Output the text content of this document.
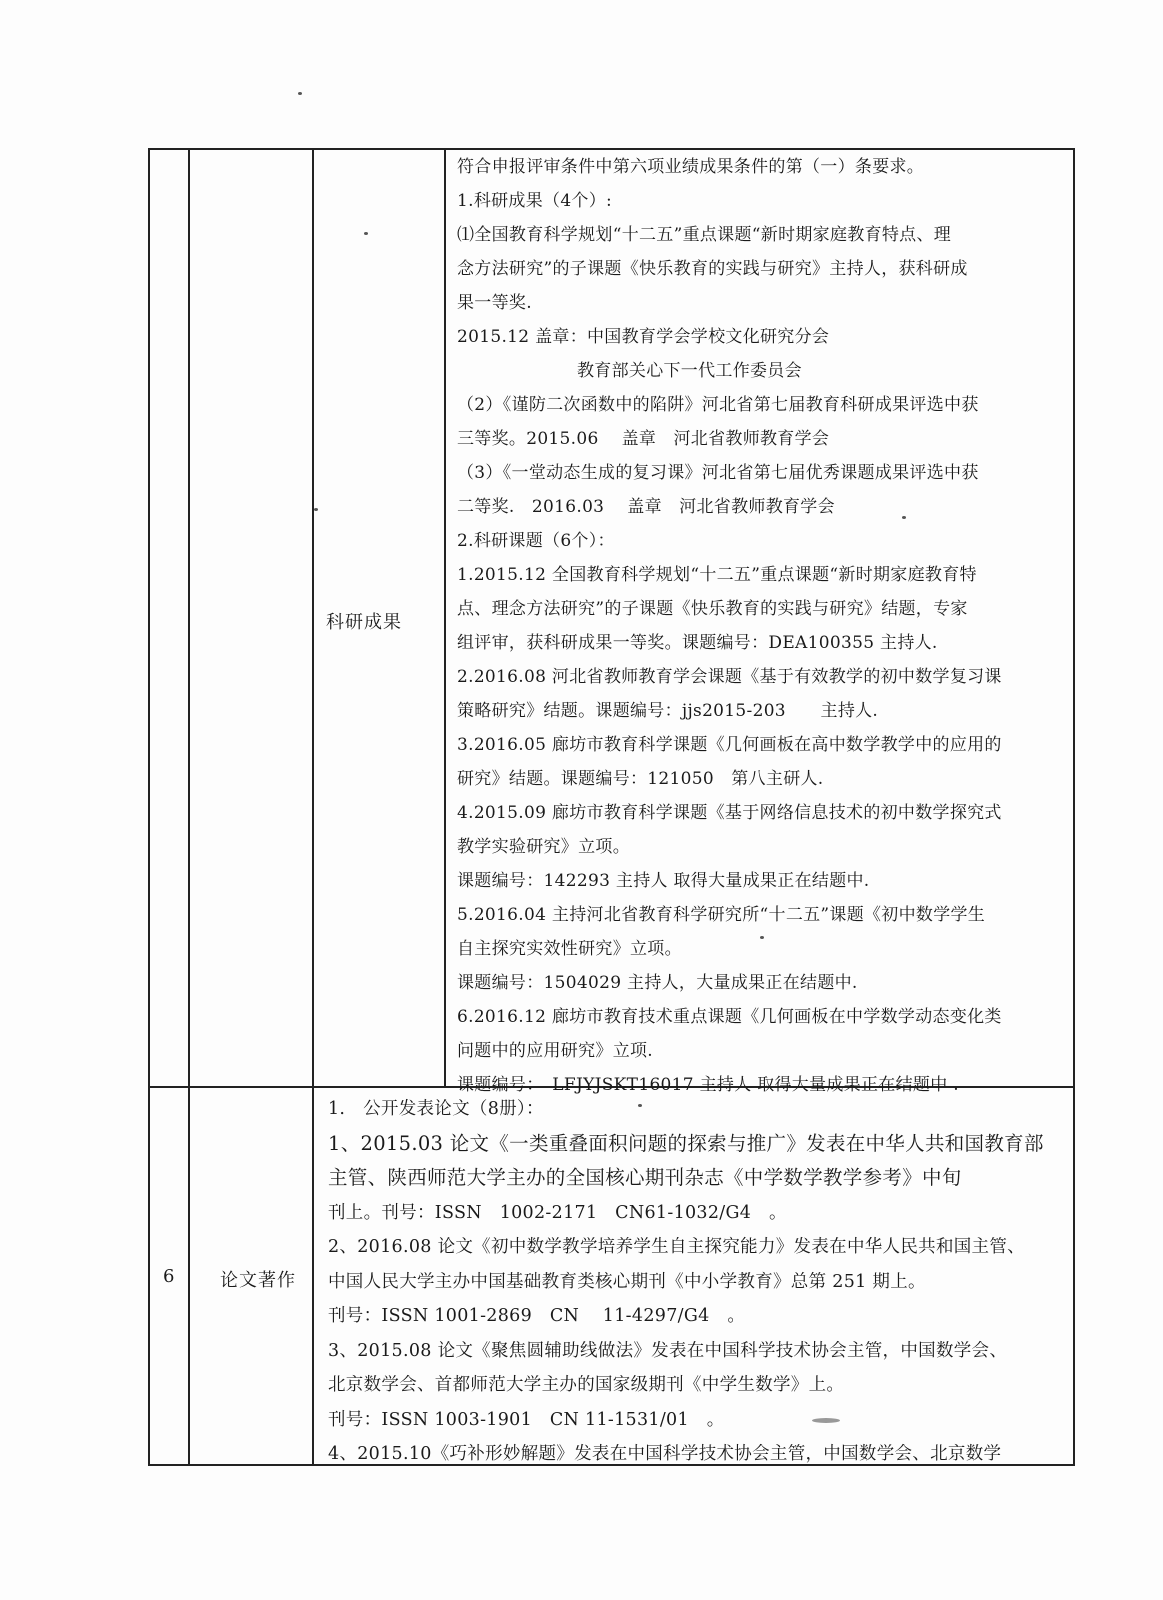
科研成果
符合申报评审条件中第六项业绩成果条件的第（一）条要求。
1.科研成果（4个）:
⑴全国教育科学规划“十二五”重点课题“新时期家庭教育特点、理
念方法研究”的子课题《快乐教育的实践与研究》主持人，获科研成
果一等奖.
2015.12 盖章：中国教育学会学校文化研究分会
教育部关心下一代工作委员会
（2）《谨防二次函数中的陷阱》河北省第七届教育科研成果评选中获
三等奖。2015.06　 盖章　河北省教师教育学会
（3）《一堂动态生成的复习课》河北省第七届优秀课题成果评选中获
二等奖.　2016.03　 盖章　河北省教师教育学会
2.科研课题（6个）：
1.2015.12 全国教育科学规划“十二五”重点课题“新时期家庭教育特
点、理念方法研究”的子课题《快乐教育的实践与研究》结题，专家
组评审，获科研成果一等奖。课题编号：DEA100355 主持人.
2.2016.08 河北省教师教育学会课题《基于有效教学的初中数学复习课
策略研究》结题。课题编号：jjs2015-203　　主持人.
3.2016.05 廊坊市教育科学课题《几何画板在高中数学教学中的应用的
研究》结题。课题编号：121050　第八主研人.
4.2015.09 廊坊市教育科学课题《基于网络信息技术的初中数学探究式
教学实验研究》立项。
课题编号：142293 主持人 取得大量成果正在结题中.
5.2016.04 主持河北省教育科学研究所“十二五”课题《初中数学学生
自主探究实效性研究》立项。
课题编号：1504029 主持人，大量成果正在结题中.
6.2016.12 廊坊市教育技术重点课题《几何画板在中学数学动态变化类
问题中的应用研究》立项.
课题编号：　LFJYJSKT16017 主持人 取得大量成果正在结题中 .
6 论文著作
1.　公开发表论文（8册）：
1、2015.03 论文《一类重叠面积问题的探索与推广》发表在中华人共和国教育部
主管、陕西师范大学主办的全国核心期刊杂志《中学数学教学参考》中旬
刊上。刊号：ISSN　1002-2171　CN61-1032/G4　。
2、2016.08 论文《初中数学教学培养学生自主探究能力》发表在中华人民共和国主管、
中国人民大学主办中国基础教育类核心期刊《中小学教育》总第 251 期上。
刊号：ISSN 1001-2869　CN　 11-4297/G4　。
3、2015.08 论文《聚焦圆辅助线做法》发表在中国科学技术协会主管，中国数学会、
北京数学会、首都师范大学主办的国家级期刊《中学生数学》上。
刊号：ISSN 1003-1901　CN 11-1531/01　。
4、2015.10《巧补形妙解题》发表在中国科学技术协会主管，中国数学会、北京数学
